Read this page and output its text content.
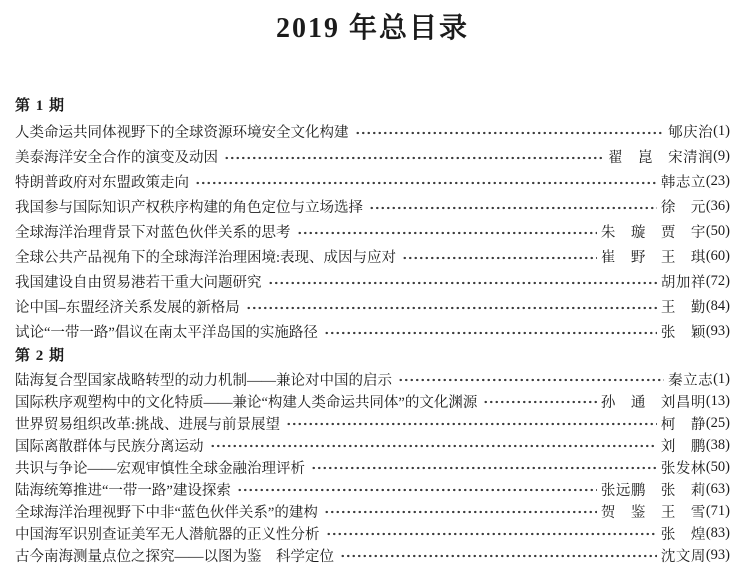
2019 年总目录
第 1 期
人类命运共同体视野下的全球资源环境安全文化构建	郇庆治 (1)
美泰海洋安全合作的演变及动因	翟　崑　宋清润 (9)
特朗普政府对东盟政策走向	韩志立 (23)
我国参与国际知识产权秩序构建的角色定位与立场选择	徐　元 (36)
全球海洋治理背景下对蓝色伙伴关系的思考	朱　璇　贾　宇 (50)
全球公共产品视角下的全球海洋治理困境:表现、成因与应对	崔　野　王　琪 (60)
我国建设自由贸易港若干重大问题研究	胡加祥 (72)
论中国–东盟经济关系发展的新格局	王　勤 (84)
试论“一带一路”倡议在南太平洋岛国的实施路径	张　颖 (93)
第 2 期
陆海复合型国家战略转型的动力机制——兼论对中国的启示	秦立志 (1)
国际秩序观塑构中的文化特质——兼论“构建人类命运共同体”的文化渊源	孙　通　刘昌明 (13)
世界贸易组织改革:挑战、进展与前景展望	柯　静 (25)
国际离散群体与民族分离运动	刘　鹏 (38)
共识与争论——宏观审慎性全球金融治理评析	张发林 (50)
陆海统筹推进“一带一路”建设探索	张远鹏　张　莉 (63)
全球海洋治理视野下中非“蓝色伙伴关系”的建构	贺　鉴　王　雪 (71)
中国海军识别查证美军无人潜航器的正义性分析	张　煌 (83)
古今南海测量点位之探究——以图为鉴　科学定位	沈文周 (93)
